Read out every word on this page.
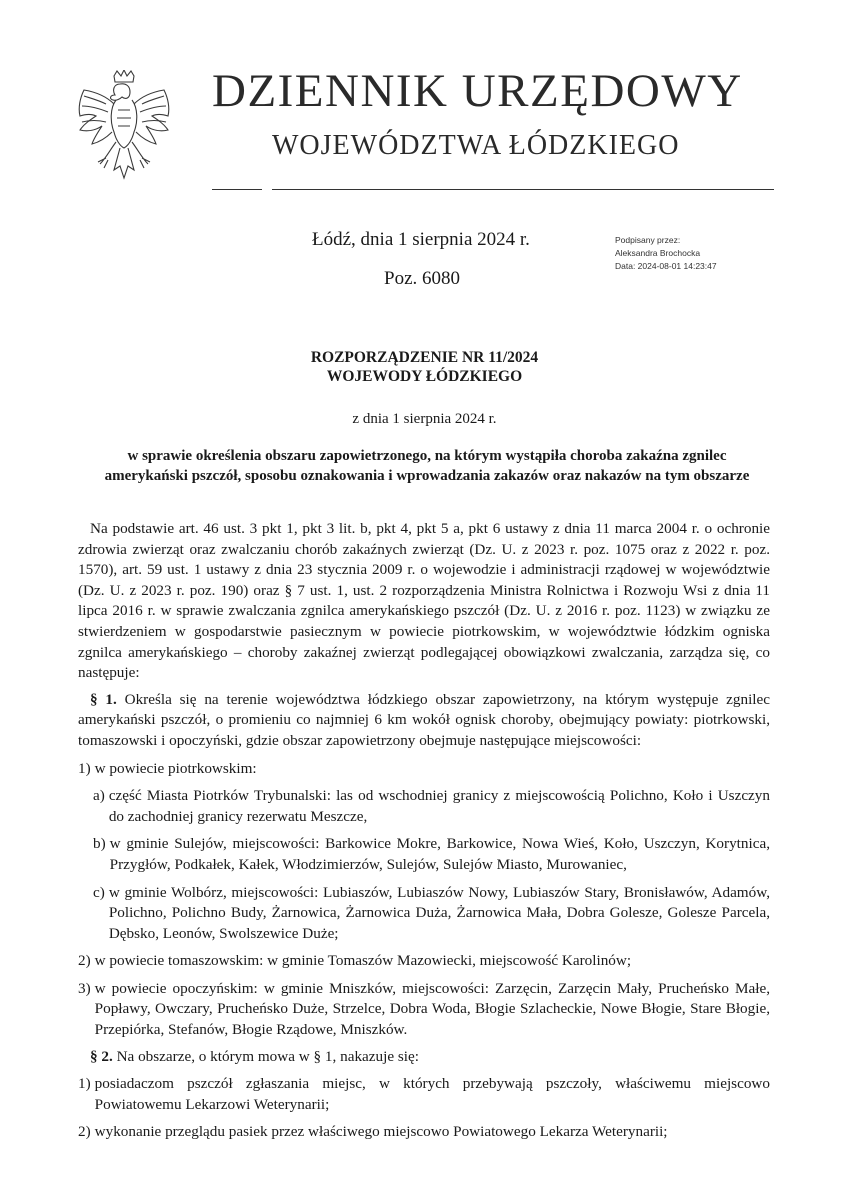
DZIENNIK URZĘDOWY
WOJEWÓDZTWA ŁÓDZKIEGO
Łódź, dnia 1 sierpnia 2024 r.
Poz. 6080
Podpisany przez:
Aleksandra Brochocka
Data: 2024-08-01 14:23:47
ROZPORZĄDZENIE NR 11/2024
WOJEWODY ŁÓDZKIEGO
z dnia 1 sierpnia 2024 r.
w sprawie określenia obszaru zapowietrzonego, na którym wystąpiła choroba zakaźna zgnilec amerykański pszczół, sposobu oznakowania i wprowadzania zakazów oraz nakazów na tym obszarze

Na podstawie art. 46 ust. 3 pkt 1, pkt 3 lit. b, pkt 4, pkt 5 a, pkt 6 ustawy z dnia 11 marca 2004 r. o ochronie zdrowia zwierząt oraz zwalczaniu chorób zakaźnych zwierząt (Dz. U. z 2023 r. poz. 1075 oraz z 2022 r. poz. 1570), art. 59 ust. 1 ustawy z dnia 23 stycznia 2009 r. o wojewodzie i administracji rządowej w województwie (Dz. U. z 2023 r. poz. 190) oraz § 7 ust. 1, ust. 2 rozporządzenia Ministra Rolnictwa i Rozwoju Wsi z dnia 11 lipca 2016 r. w sprawie zwalczania zgnilca amerykańskiego pszczół (Dz. U. z 2016 r. poz. 1123) w związku ze stwierdzeniem w gospodarstwie pasiecznym w powiecie piotrkowskim, w województwie łódzkim ogniska zgnilca amerykańskiego – choroby zakaźnej zwierząt podlegającej obowiązkowi zwalczania, zarządza się, co następuje:

§ 1. Określa się na terenie województwa łódzkiego obszar zapowietrzony, na którym występuje zgnilec amerykański pszczół, o promieniu co najmniej 6 km wokół ognisk choroby, obejmujący powiaty: piotrkowski, tomaszowski i opoczyński, gdzie obszar zapowietrzony obejmuje następujące miejscowości:

1) w powiecie piotrkowskim:
a) część Miasta Piotrków Trybunalski: las od wschodniej granicy z miejscowością Polichno, Koło i Uszczyn do zachodniej granicy rezerwatu Meszcze,
b) w gminie Sulejów, miejscowości: Barkowice Mokre, Barkowice, Nowa Wieś, Koło, Uszczyn, Korytnica, Przygłów, Podkałek, Kałek, Włodzimierzów, Sulejów, Sulejów Miasto, Murowaniec,
c) w gminie Wolbórz, miejscowości: Lubiaszów, Lubiaszów Nowy, Lubiaszów Stary, Bronisławów, Adamów, Polichno, Polichno Budy, Żarnowica, Żarnowica Duża, Żarnowica Mała, Dobra Golesze, Golesze Parcela, Dębsko, Leonów, Swolszewice Duże;
2) w powiecie tomaszowskim: w gminie Tomaszów Mazowiecki, miejscowość Karolinów;
3) w powiecie opoczyńskim: w gminie Mniszków, miejscowości: Zarzęcin, Zarzęcin Mały, Prucheńsko Małe, Popławy, Owczary, Prucheńsko Duże, Strzelce, Dobra Woda, Błogie Szlacheckie, Nowe Błogie, Stare Błogie, Przepiórka, Stefanów, Błogie Rządowe, Mniszków.

§ 2. Na obszarze, o którym mowa w § 1, nakazuje się:

1) posiadaczom pszczół zgłaszania miejsc, w których przebywają pszczoły, właściwemu miejscowo Powiatowemu Lekarzowi Weterynarii;
2) wykonanie przeglądu pasiek przez właściwego miejscowo Powiatowego Lekarza Weterynarii;
